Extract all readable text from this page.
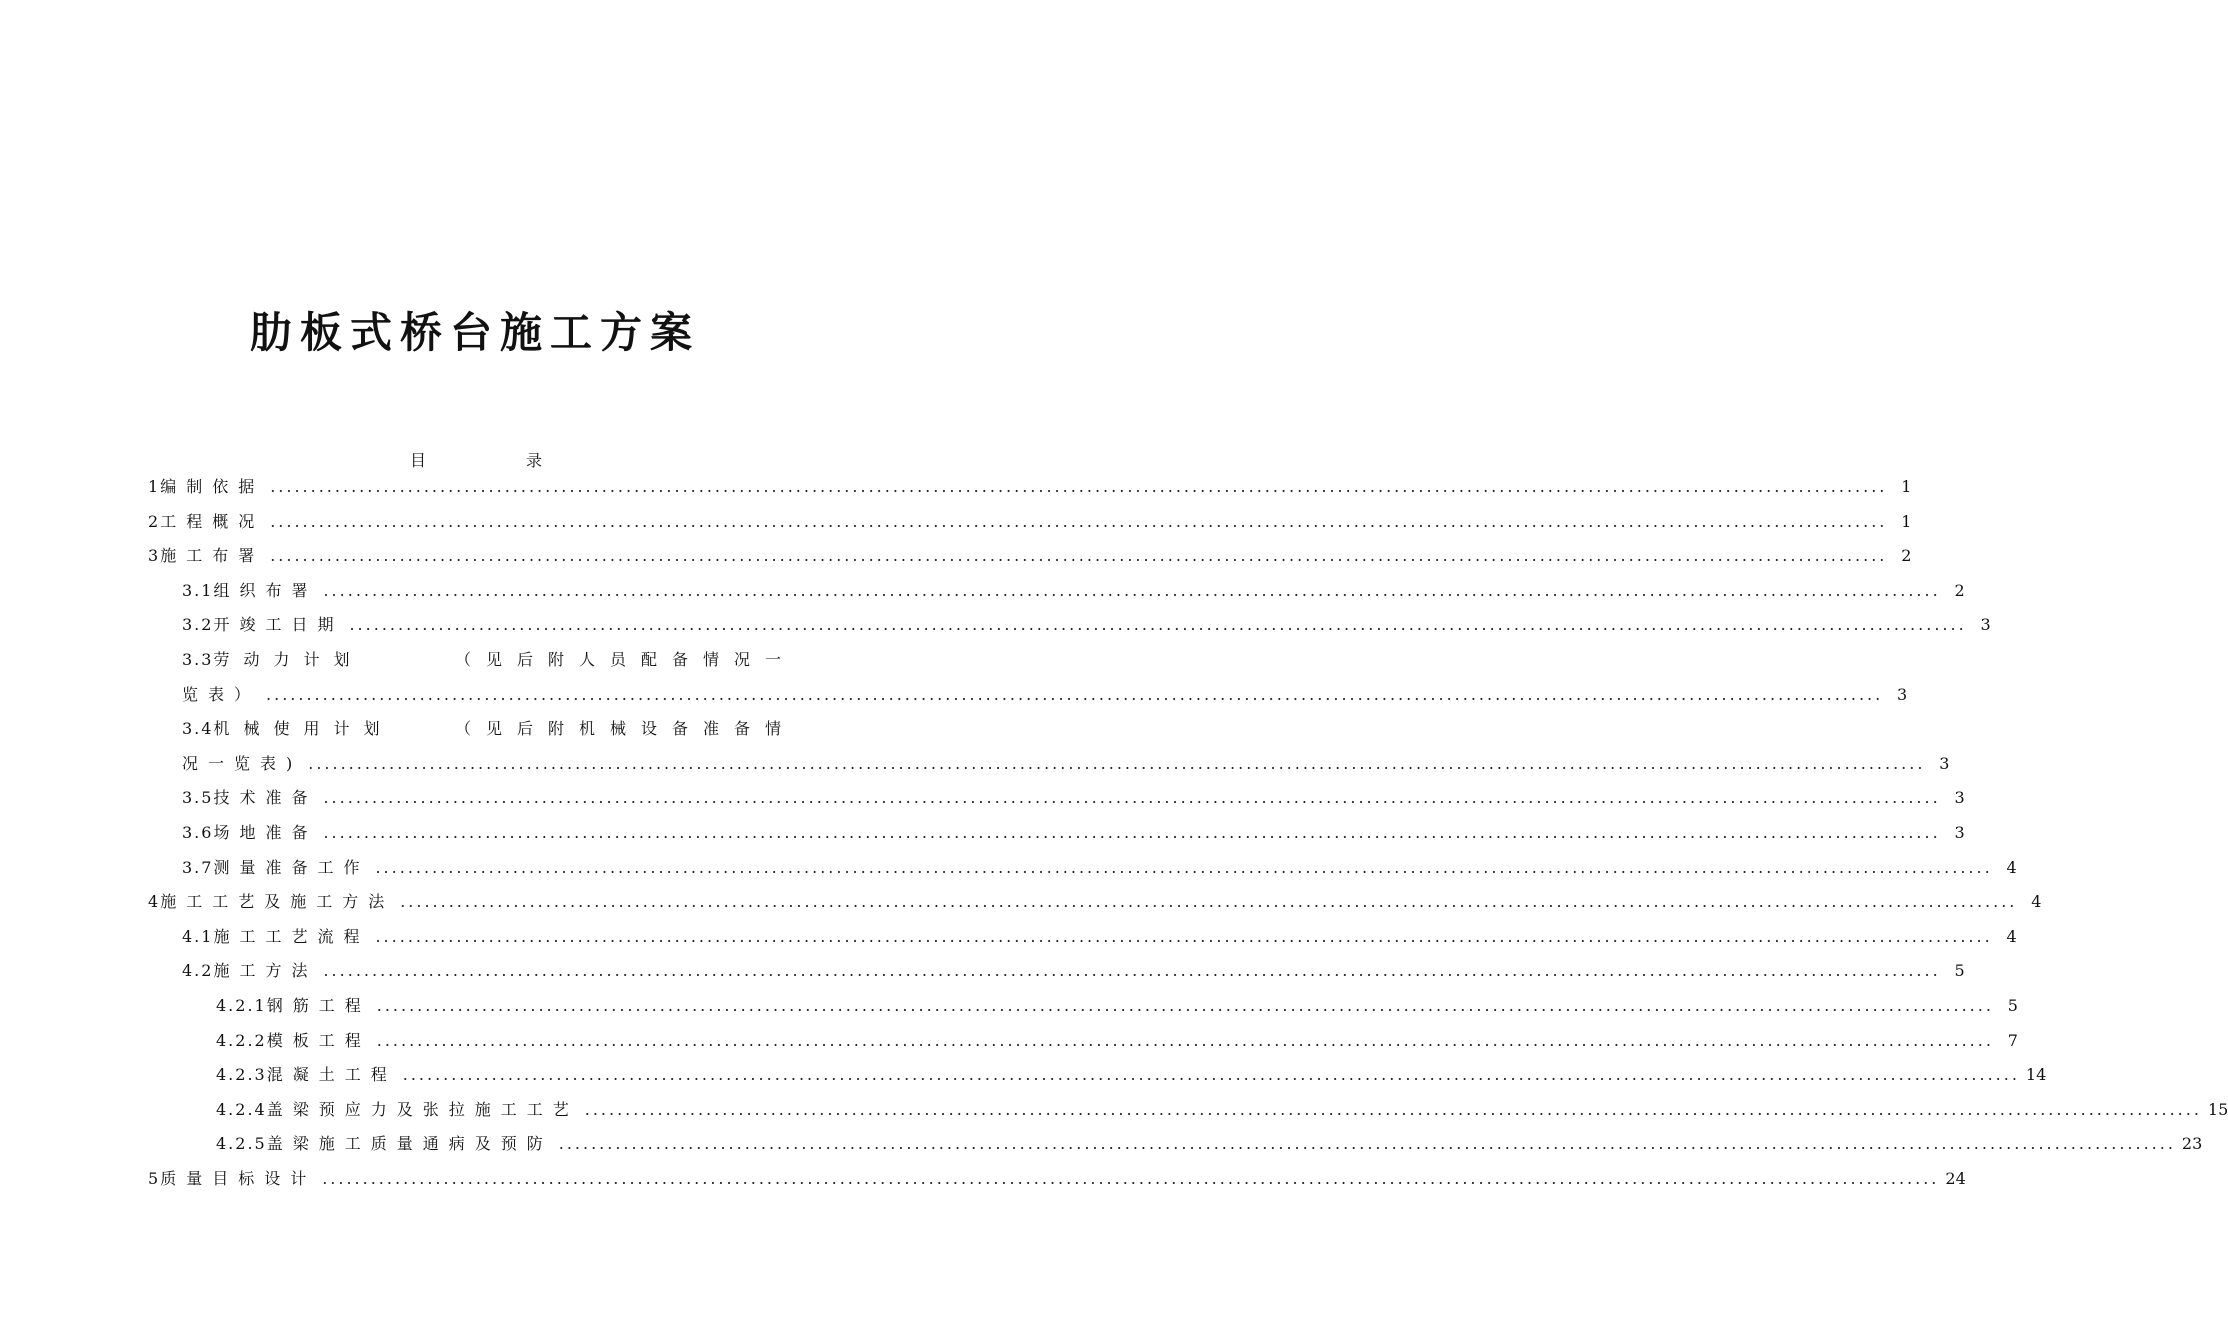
肋板式桥台施工方案
目	录
1编制依据 ........................................................................................................................................................................................................ 1
2工程概况 ........................................................................................................................................................................................................ 1
3施工布署 ........................................................................................................................................................................................................ 2
3.1组织布署 ........................................................................................................................................................................................................ 2
3.2开竣工日期 ........................................................................................................................................................................................................ 3
3.3劳动力计划	（见后附人员配备情况一
览表） ........................................................................................................................................................................................................ 3
3.4机械使用计划	（见后附机械设备准备情
况一览表) ........................................................................................................................................................................................................ 3
3.5技术准备 ........................................................................................................................................................................................................ 3
3.6场地准备 ........................................................................................................................................................................................................ 3
3.7测量准备工作 ........................................................................................................................................................................................................ 4
4施工工艺及施工方法 ........................................................................................................................................................................................................ 4
4.1施工工艺流程 ........................................................................................................................................................................................................ 4
4.2施工方法 ........................................................................................................................................................................................................ 5
4.2.1钢筋工程 ........................................................................................................................................................................................................ 5
4.2.2模板工程 ........................................................................................................................................................................................................ 7
4.2.3混凝土工程 ........................................................................................................................................................................................................ 14
4.2.4盖梁预应力及张拉施工工艺 ........................................................................................................................................................................................................ 15
4.2.5盖梁施工质量通病及预防 ........................................................................................................................................................................................................ 23
5质量目标设计 ........................................................................................................................................................................................................ 24
